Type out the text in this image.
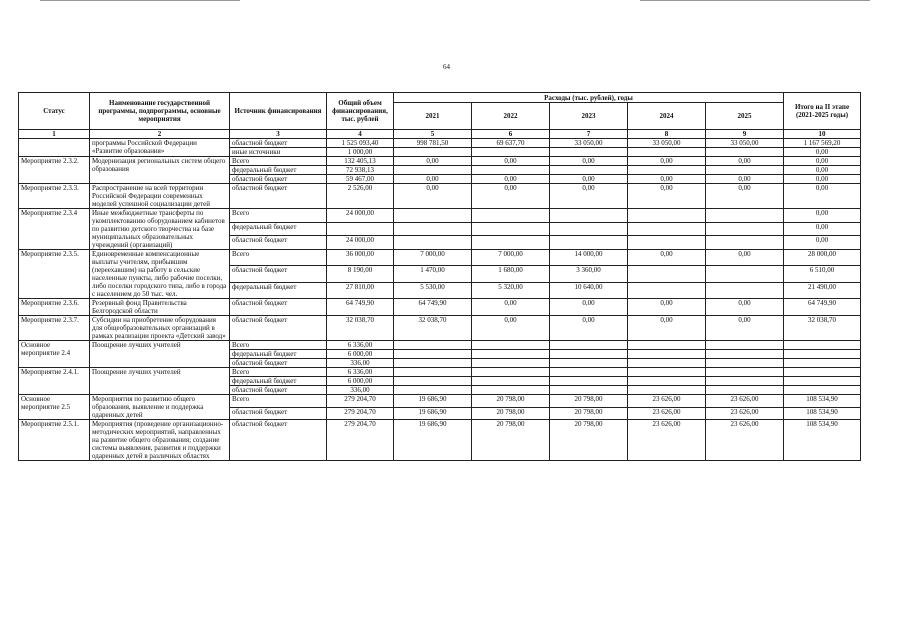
64
Статус	Наименование государственной программы, подпрограммы, основные мероприятия	Источник финансирования	Общий объем финансирования, тыс. рублей	Расходы (тыс. рублей), годы					Итого на II этапе (2021-2025 годы)
				2021	2022	2023	2024	2025	
1	2	3	4	5	6	7	8	9	10
	программы Российской Федерации «Развитие образования»	областной бюджет	1 525 093,40	998 781,50	69 637,70	33 050,00	33 050,00	33 050,00	1 167 569,20
		иные источники	1 000,00						0,00
Мероприятие 2.3.2.	Модернизация региональных систем общего образования	Всего	132 405,13	0,00	0,00	0,00	0,00	0,00	0,00
		федеральный бюджет	72 938,13						0,00
		областной бюджет	59 467,00	0,00	0,00	0,00	0,00	0,00	0,00
Мероприятие 2.3.3.	Распространение на всей территории Российской Федерации современных моделей успешной социализации детей	областной бюджет	2 526,00	0,00	0,00	0,00	0,00	0,00	0,00
Мероприятие 2.3.4	Иные межбюджетные трансферты по укомплектованию оборудованием кабинетов по развитию детского творчества на базе муниципальных образовательных учреждений (организаций)	Всего	24 000,00						0,00
		федеральный бюджет							0,00
		областной бюджет	24 000,00						0,00
Мероприятие 2.3.5.	Единовременные компенсационные выплаты учителям, прибывшим (переехавшим) на работу в сельские населенные пункты, либо рабочие поселки, либо поселки городского типа, либо в города с населением до 50 тыс. чел.	Всего	36 000,00	7 000,00	7 000,00	14 000,00	0,00	0,00	28 000,00
		областной бюджет	8 190,00	1 470,00	1 680,00	3 360,00			6 510,00
		федеральный бюджет	27 810,00	5 530,00	5 320,00	10 640,00			21 490,00
Мероприятие 2.3.6.	Резервный фонд Правительства Белгородской области	областной бюджет	64 749,90	64 749,90	0,00	0,00	0,00	0,00	64 749,90
Мероприятие 2.3.7.	Субсидии на приобретение оборудования для общеобразовательных организаций в рамках реализации проекта «Детский завод»	областной бюджет	32 038,70	32 038,70	0,00	0,00	0,00	0,00	32 038,70
Основное мероприятие 2.4	Поощрение лучших учителей	Всего	6 336,00						
		федеральный бюджет	6 000,00						
		областной бюджет	336,00						
Мероприятие 2.4.1.	Поощрение лучших учителей	Всего	6 336,00						
		федеральный бюджет	6 000,00						
		областной бюджет	336,00						
Основное мероприятие 2.5	Мероприятия по развитию общего образования, выявление и поддержка одаренных детей	Всего	279 204,70	19 686,90	20 798,00	20 798,00	23 626,00	23 626,00	108 534,90
		областной бюджет	279 204,70	19 686,90	20 798,00	20 798,00	23 626,00	23 626,00	108 534,90
Мероприятие 2.5.1.	Мероприятия (проведение организационно-методических мероприятий, направленных на развитие общего образования; создание системы выявления, развития и поддержки одаренных детей в различных областях	областной бюджет	279 204,70	19 686,90	20 798,00	20 798,00	23 626,00	23 626,00	108 534,90
